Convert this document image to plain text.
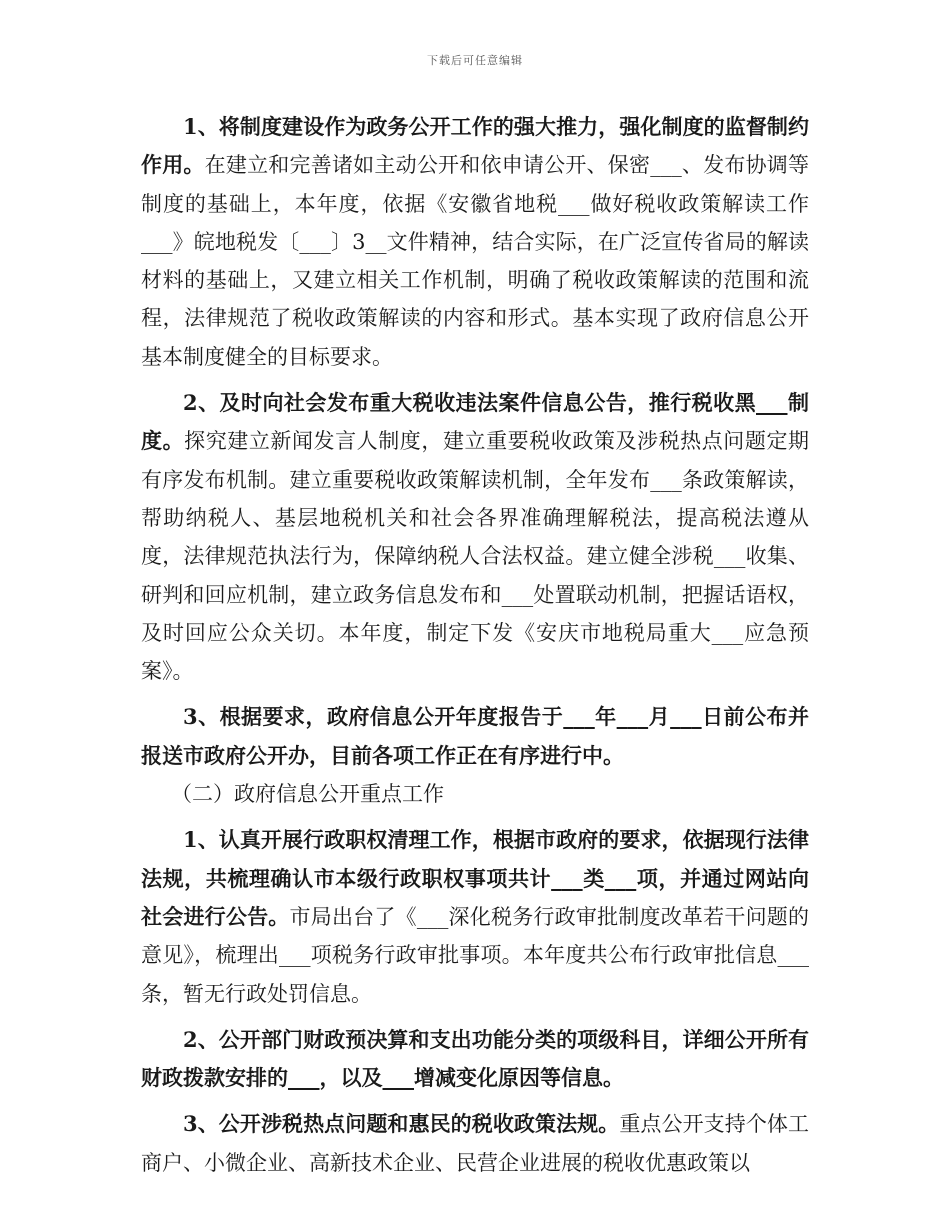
下载后可任意编辑

1、将制度建设作为政务公开工作的强大推力，强化制度的监督制约作用。在建立和完善诸如主动公开和依申请公开、保密___、发布协调等制度的基础上，本年度，依据《安徽省地税___做好税收政策解读工作___》皖地税发〔___〕3__文件精神，结合实际，在广泛宣传省局的解读材料的基础上，又建立相关工作机制，明确了税收政策解读的范围和流程，法律规范了税收政策解读的内容和形式。基本实现了政府信息公开基本制度健全的目标要求。

2、及时向社会发布重大税收违法案件信息公告，推行税收黑___制度。探究建立新闻发言人制度，建立重要税收政策及涉税热点问题定期有序发布机制。建立重要税收政策解读机制，全年发布___条政策解读，帮助纳税人、基层地税机关和社会各界准确理解税法，提高税法遵从度，法律规范执法行为，保障纳税人合法权益。建立健全涉税___收集、研判和回应机制，建立政务信息发布和___处置联动机制，把握话语权，及时回应公众关切。本年度，制定下发《安庆市地税局重大___应急预案》。

3、根据要求，政府信息公开年度报告于___年___月___日前公布并报送市政府公开办，目前各项工作正在有序进行中。

（二）政府信息公开重点工作

1、认真开展行政职权清理工作，根据市政府的要求，依据现行法律法规，共梳理确认市本级行政职权事项共计___类___项，并通过网站向社会进行公告。市局出台了《___深化税务行政审批制度改革若干问题的意见》，梳理出___项税务行政审批事项。本年度共公布行政审批信息___条，暂无行政处罚信息。

2、公开部门财政预决算和支出功能分类的项级科目，详细公开所有财政拨款安排的___，以及___增减变化原因等信息。

3、公开涉税热点问题和惠民的税收政策法规。重点公开支持个体工商户、小微企业、高新技术企业、民营企业进展的税收优惠政策以
